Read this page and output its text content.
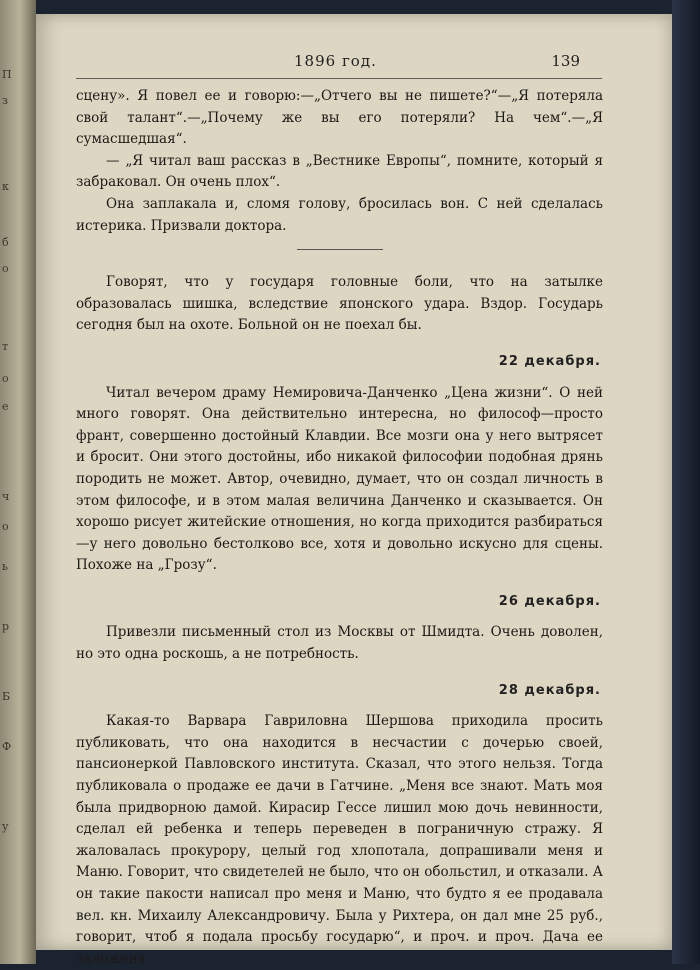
П
з
к
б
о
т
о
е
ч
о
ь
р
Б
Ф
у
1896 год.	139

сцену». Я повел ее и говорю:—„Отчего вы не пишете?“—„Я потеряла свой талант“.—„Почему же вы его потеряли? На чем“.—„Я сумасшедшая“.

— „Я читал ваш рассказ в „Вестнике Европы“, помните, который я забраковал. Он очень плох“.

Она заплакала и, сломя голову, бросилась вон. С ней сделалась истерика. Призвали доктора.

Говорят, что у государя головные боли, что на затылке образовалась шишка, вследствие японского удара. Вздор. Государь сегодня был на охоте. Больной он не поехал бы.

22 декабря.

Читал вечером драму Немировича-Данченко „Цена жизни“. О ней много говорят. Она действительно интересна, но философ—просто франт, совершенно достойный Клавдии. Все мозги она у него вытрясет и бросит. Они этого достойны, ибо никакой философии подобная дрянь породить не может. Автор, очевидно, думает, что он создал личность в этом философе, и в этом малая величина Данченко и сказывается. Он хорошо рисует житейские отношения, но когда приходится разбираться—у него довольно бестолково все, хотя и довольно искусно для сцены. Похоже на „Грозу“.

26 декабря.

Привезли письменный стол из Москвы от Шмидта. Очень доволен, но это одна роскошь, а не потребность.

28 декабря.

Какая-то Варвара Гавриловна Шершова приходила просить публиковать, что она находится в несчастии с дочерью своей, пансионеркой Павловского института. Сказал, что этого нельзя. Тогда публиковала о продаже ее дачи в Гатчине. „Меня все знают. Мать моя была придворною дамой. Кирасир Гессе лишил мою дочь невинности, сделал ей ребенка и теперь переведен в пограничную стражу. Я жаловалась прокурору, целый год хлопотала, допрашивали меня и Маню. Говорит, что свидетелей не было, что он обольстил, и отказали. А он такие пакости написал про меня и Маню, что будто я ее продавала вел. кн. Михаилу Александровичу. Была у Рихтера, он дал мне 25 руб., говорит, чтоб я подала просьбу государю“, и проч. и проч. Дача ее заложена
